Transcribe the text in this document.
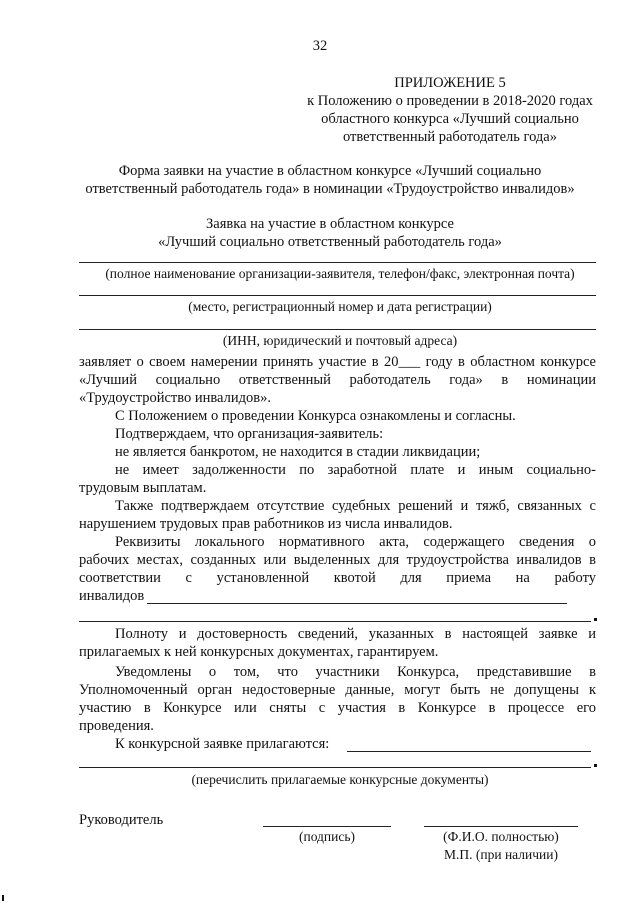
32
ПРИЛОЖЕНИЕ 5
к Положению о проведении в 2018-2020 годах
областного конкурса «Лучший социально
ответственный работодатель года»
Форма заявки на участие в областном конкурсе «Лучший социально
ответственный работодатель года» в номинации «Трудоустройство инвалидов»
Заявка на участие в областном конкурсе
«Лучший социально ответственный работодатель года»
(полное наименование организации-заявителя, телефон/факс, электронная почта)
(место, регистрационный номер и дата регистрации)
(ИНН, юридический и почтовый адреса)
заявляет о своем намерении принять участие в 20___ году в областном конкурсе
«Лучший социально ответственный работодатель года» в номинации
«Трудоустройство инвалидов».
С Положением о проведении Конкурса ознакомлены и согласны.
Подтверждаем, что организация-заявитель:
не является банкротом, не находится в стадии ликвидации;
не имеет задолженности по заработной плате и иным социально-
трудовым выплатам.
Также подтверждаем отсутствие судебных решений и тяжб, связанных с
нарушением трудовых прав работников из числа инвалидов.
Реквизиты локального нормативного акта, содержащего сведения о
рабочих местах, созданных или выделенных для трудоустройства инвалидов в
соответствии с установленной квотой для приема на работу
инвалидов
Полноту и достоверность сведений, указанных в настоящей заявке и
прилагаемых к ней конкурсных документах, гарантируем.
Уведомлены о том, что участники Конкурса, представившие в
Уполномоченный орган недостоверные данные, могут быть не допущены к
участию в Конкурсе или сняты с участия в Конкурсе в процессе его
проведения.
К конкурсной заявке прилагаются:
(перечислить прилагаемые конкурсные документы)
Руководитель
(подпись)	(Ф.И.О. полностью)
М.П. (при наличии)
